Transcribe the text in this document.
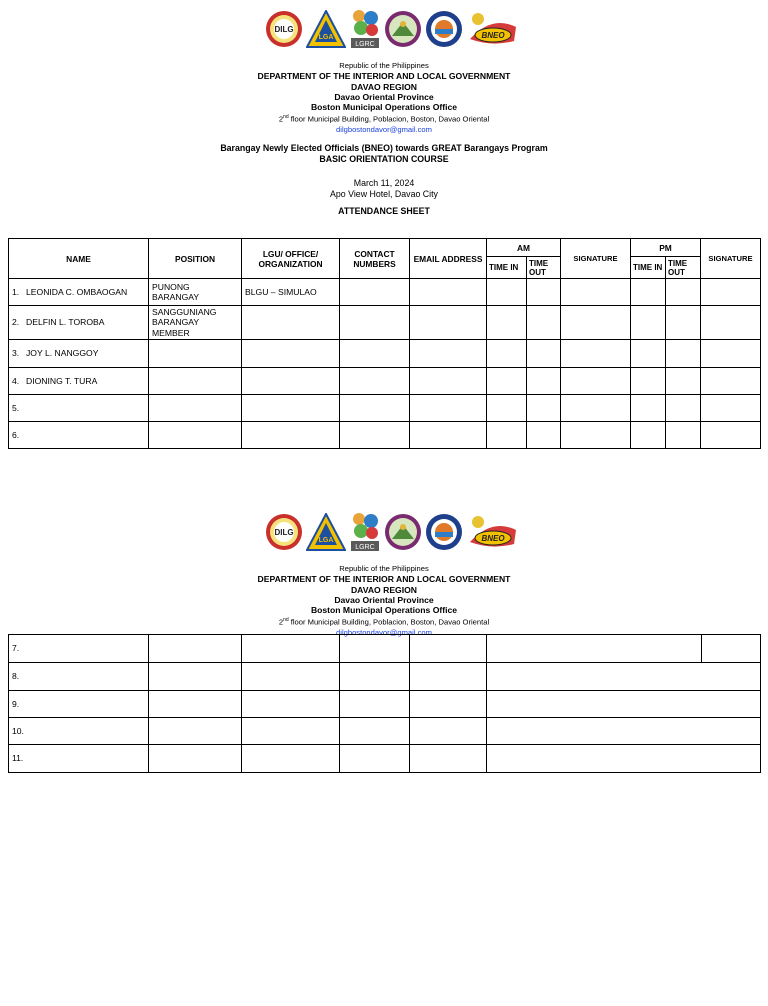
DILG
LGA
LGRC
BNEO
Republic of the Philippines
DEPARTMENT OF THE INTERIOR AND LOCAL GOVERNMENT
DAVAO REGION
Davao Oriental Province
Boston Municipal Operations Office
2nd floor Municipal Building, Poblacion, Boston, Davao Oriental
dilgbostondavor@gmail.com
Barangay Newly Elected Officials (BNEO) towards GREAT Barangays Program
BASIC ORIENTATION COURSE
March 11, 2024
Apo View Hotel, Davao City
ATTENDANCE SHEET
NAME	POSITION	LGU/ OFFICE/ ORGANIZATION	CONTACT NUMBERS	EMAIL ADDRESS	AM		SIGNATURE	PM		SIGNATURE
					TIME IN	TIME OUT		TIME IN	TIME OUT	

1. LEONIDA C. OMBAOGAN	PUNONG BARANGAY	BLGU – SIMULAO								

2. DELFIN L. TOROBA	SANGGUNIANG BARANGAY MEMBER									

3. JOY L. NANGGOY										

4. DIONING T. TURA										

5.										

6.										

DILG
LGA
LGRC
BNEO
Republic of the Philippines
DEPARTMENT OF THE INTERIOR AND LOCAL GOVERNMENT
DAVAO REGION
Davao Oriental Province
Boston Municipal Operations Office
2nd floor Municipal Building, Poblacion, Boston, Davao Oriental
dilgbostondavor@gmail.com
7.						
8.						
9.						
10.						
11.						
